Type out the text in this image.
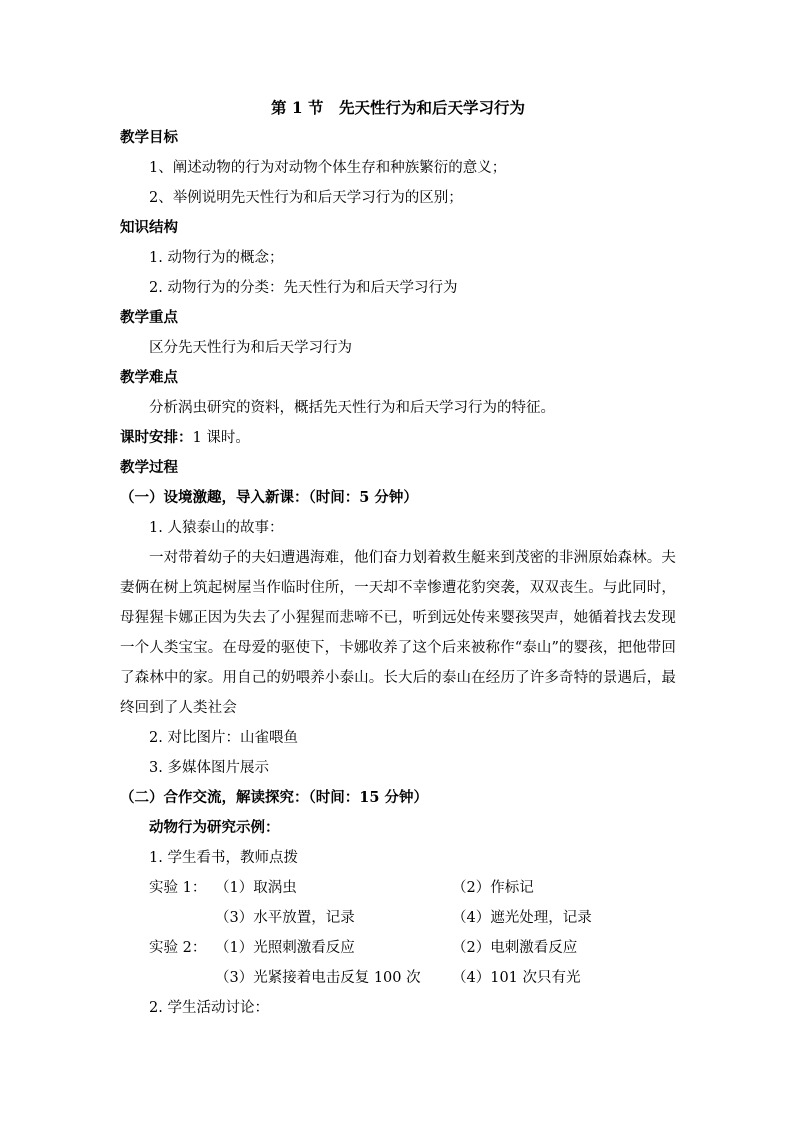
第 1 节　先天性行为和后天学习行为
教学目标
1、阐述动物的行为对动物个体生存和种族繁衍的意义；
2、举例说明先天性行为和后天学习行为的区别；
知识结构
1. 动物行为的概念；
2. 动物行为的分类：先天性行为和后天学习行为
教学重点
区分先天性行为和后天学习行为
教学难点
分析涡虫研究的资料，概括先天性行为和后天学习行为的特征。
课时安排：1 课时。
教学过程
（一）设境激趣，导入新课：（时间：5 分钟）
1. 人猿泰山的故事：
一对带着幼子的夫妇遭遇海难，他们奋力划着救生艇来到茂密的非洲原始森林。夫妻俩在树上筑起树屋当作临时住所，一天却不幸惨遭花豹突袭，双双丧生。与此同时，母猩猩卡娜正因为失去了小猩猩而悲啼不已，听到远处传来婴孩哭声，她循着找去发现一个人类宝宝。在母爱的驱使下，卡娜收养了这个后来被称作“泰山”的婴孩，把他带回了森林中的家。用自己的奶喂养小泰山。长大后的泰山在经历了许多奇特的景遇后，最终回到了人类社会
2. 对比图片：山雀喂鱼
3. 多媒体图片展示
（二）合作交流，解读探究：（时间：15 分钟）
动物行为研究示例：
1. 学生看书，教师点拨
实验 1： （1）取涡虫	（2）作标记
（3）水平放置，记录	（4）遮光处理，记录
实验 2： （1）光照刺激看反应	（2）电刺激看反应
（3）光紧接着电击反复 100 次 （4）101 次只有光
2. 学生活动讨论：
